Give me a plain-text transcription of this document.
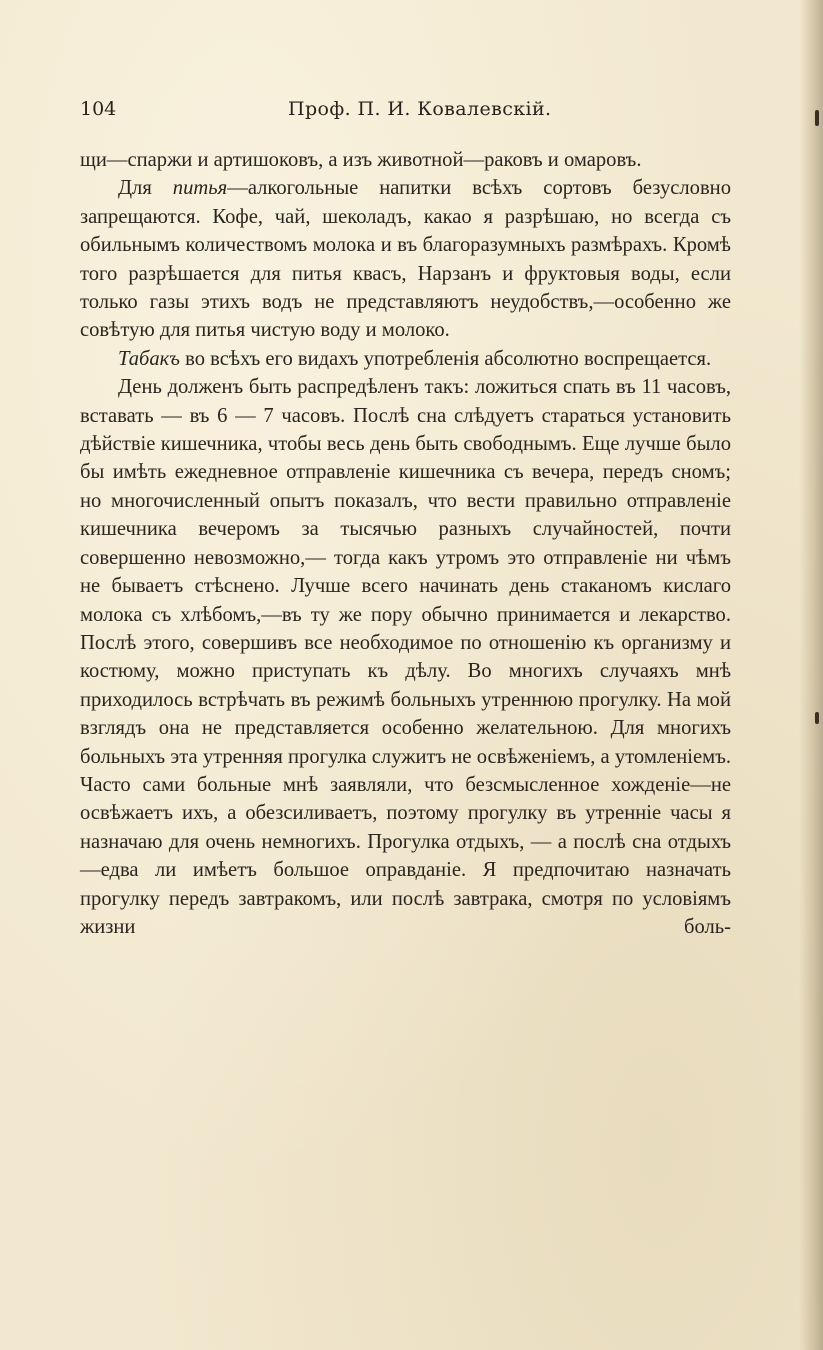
104	Проф. П. И. Ковалевскій.

щи—спаржи и артишоковъ, а изъ животной—раковъ и омаровъ.

Для питья—алкогольные напитки всѣхъ сортовъ безусловно запрещаются. Кофе, чай, шеколадъ, какао я разрѣшаю, но всегда съ обильнымъ количествомъ молока и въ благоразумныхъ размѣрахъ. Кромѣ того разрѣшается для питья квасъ, Нарзанъ и фруктовыя воды, если только газы этихъ водъ не представляютъ неудобствъ,—особенно же совѣтую для питья чистую воду и молоко.

Табакъ во всѣхъ его видахъ употребленія абсолютно воспрещается.

День долженъ быть распредѣленъ такъ: ложиться спать въ 11 часовъ, вставать — въ 6 — 7 часовъ. Послѣ сна слѣдуетъ стараться установить дѣйствіе кишечника, чтобы весь день быть свободнымъ. Еще лучше было бы имѣть ежедневное отправленіе кишечника съ вечера, передъ сномъ; но многочисленный опытъ показалъ, что вести правильно отправленіе кишечника вечеромъ за тысячью разныхъ случайностей, почти совершенно невозможно,— тогда какъ утромъ это отправленіе ни чѣмъ не бываетъ стѣснено. Лучше всего начинать день стаканомъ кислаго молока съ хлѣбомъ,—въ ту же пору обычно принимается и лекарство. Послѣ этого, совершивъ все необходимое по отношенію къ организму и костюму, можно приступать къ дѣлу. Во многихъ случаяхъ мнѣ приходилось встрѣчать въ режимѣ больныхъ утреннюю прогулку. На мой взглядъ она не представляется особенно желательною. Для многихъ больныхъ эта утренняя прогулка служитъ не освѣженіемъ, а утомленіемъ. Часто сами больные мнѣ заявляли, что безсмысленное хожденіе—не освѣжаетъ ихъ, а обезсиливаетъ, поэтому прогулку въ утренніе часы я назначаю для очень немногихъ. Прогулка отдыхъ, — а послѣ сна отдыхъ—едва ли имѣетъ большое оправданіе. Я предпочитаю назначать прогулку передъ завтракомъ, или послѣ завтрака, смотря по условіямъ жизни боль-
